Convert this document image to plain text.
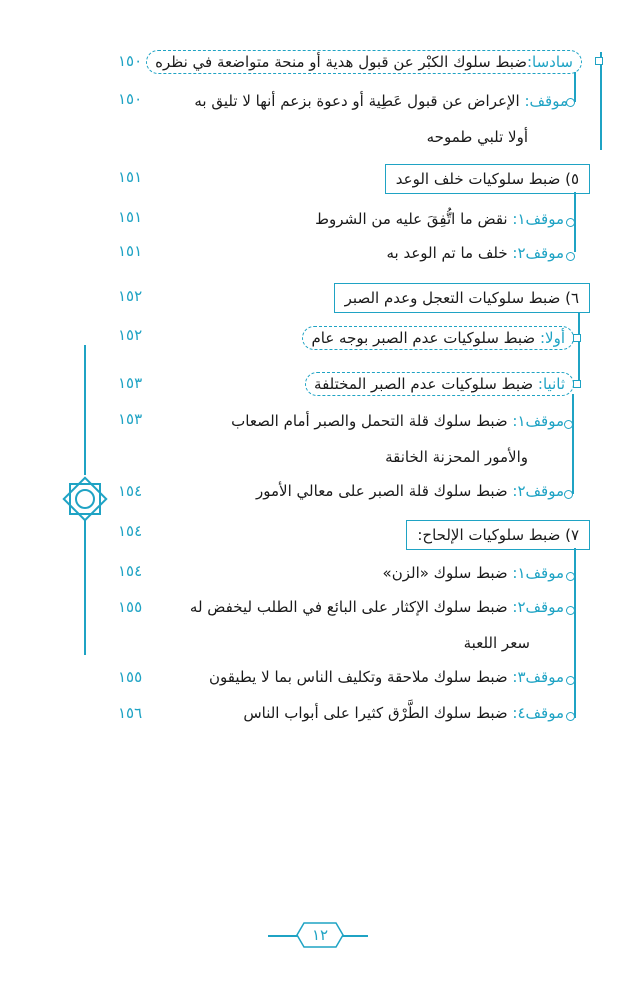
سادسا:ضبط سلوك الكبْر عن قبول هدية أو منحة متواضعة في نظره
١٥٠
موقف: الإعراض عن قبول عَطِية أو دعوة بزعم أنها لا تليق به
١٥٠
أولا تلبي طموحه
٥) ضبط سلوكيات خلف الوعد
١٥١
موقف١: نقض ما اتُّفِقَ عليه من الشروط
١٥١
موقف٢: خلف ما تم الوعد به
١٥١
٦) ضبط سلوكيات التعجل وعدم الصبر
١٥٢
أولا: ضبط سلوكيات عدم الصبر بوجه عام
١٥٢
ثانيا: ضبط سلوكيات عدم الصبر المختلفة
١٥٣
موقف١: ضبط سلوك قلة التحمل والصبر أمام الصعاب
١٥٣
والأمور المحزنة الخانقة
موقف٢: ضبط سلوك قلة الصبر على معالي الأمور
١٥٤
٧) ضبط سلوكيات الإلحاح:
١٥٤
موقف١: ضبط سلوك «الزن»
١٥٤
موقف٢: ضبط سلوك الإكثار على البائع في الطلب ليخفض له
١٥٥
سعر اللعبة
موقف٣: ضبط سلوك ملاحقة وتكليف الناس بما لا يطيقون
١٥٥
موقف٤: ضبط سلوك الطَّرْق كثيرا على أبواب الناس
١٥٦
١٢
